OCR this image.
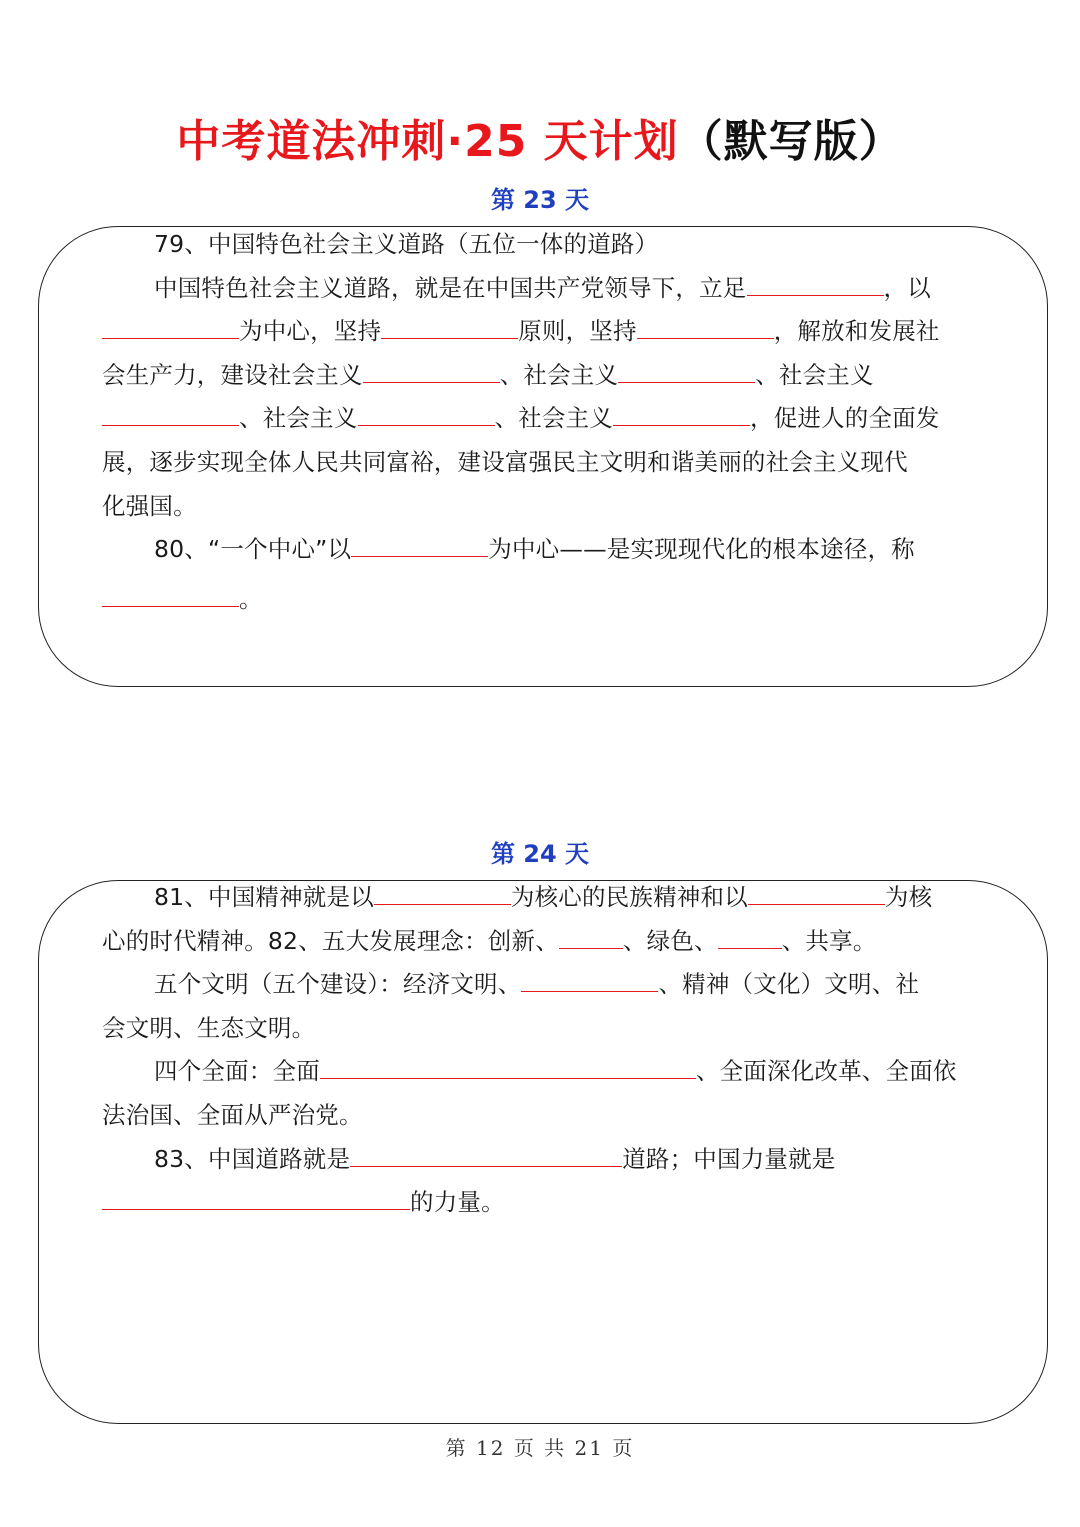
中考道法冲刺·25 天计划（默写版）
第 23 天
79、中国特色社会主义道路（五位一体的道路）
中国特色社会主义道路，就是在中国共产党领导下，立足	，以
为中心，坚持	原则，坚持	，解放和发展社
会生产力，建设社会主义	、社会主义	、社会主义
、社会主义	、社会主义	，促进人的全面发
展，逐步实现全体人民共同富裕，建设富强民主文明和谐美丽的社会主义现代
化强国。
80、“一个中心”以	为中心——是实现现代化的根本途径，称
。
第 24 天
81、中国精神就是以	为核心的民族精神和以	为核
心的时代精神。82、五大发展理念：创新、	、绿色、	、共享。
五个文明（五个建设）：经济文明、	、精神（文化）文明、社
会文明、生态文明。
四个全面：全面	、全面深化改革、全面依
法治国、全面从严治党。
83、中国道路就是	道路；中国力量就是
的力量。
第 12 页 共 21 页
